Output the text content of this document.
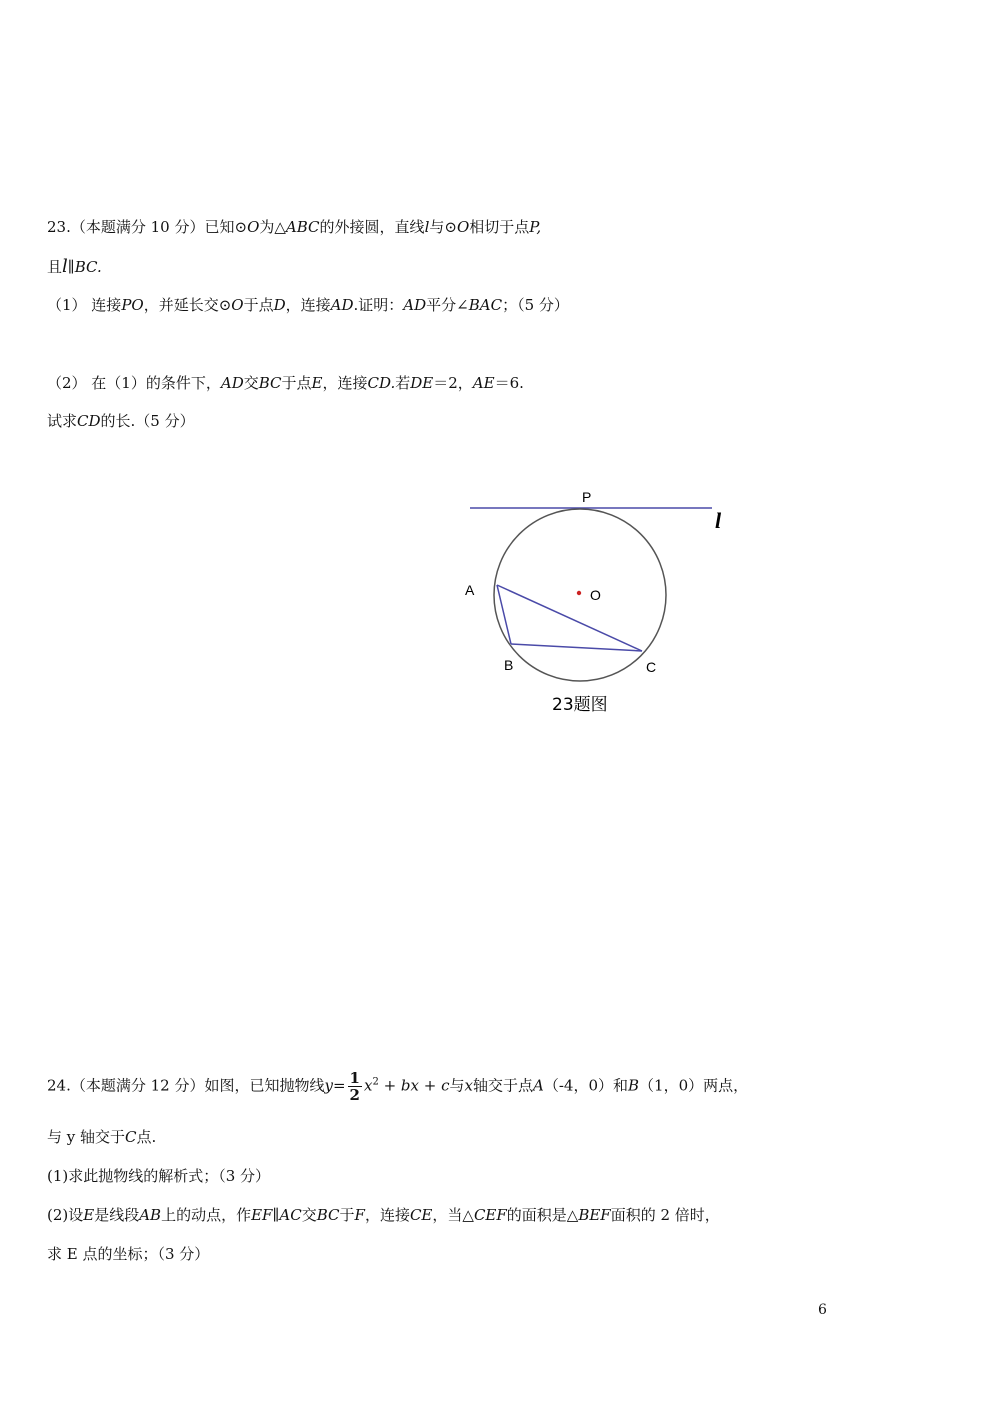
23.（本题满分 10 分）已知⊙O为△ABC的外接圆，直线l与⊙O相切于点P,
且l∥BC.
（1） 连接PO，并延长交⊙O于点D，连接AD.证明：AD平分∠BAC；（5 分）
（2） 在（1）的条件下，AD交BC于点E，连接CD.若DE＝2，AE＝6.
试求CD的长.（5 分）
P
l
A	O
B	C
23题图
24.（本题满分 12 分）如图，已知抛物线$y= \frac{1}{2} x^2$ + bx + c与x轴交于点A（-4，0）和B（1，0）两点，
与 y 轴交于C点.
(1)求此抛物线的解析式；（3 分）
(2)设E是线段AB上的动点，作EF∥AC交BC于F，连接CE，当△CEF的面积是△BEF面积的 2 倍时，
求 E 点的坐标；（3 分）
6
